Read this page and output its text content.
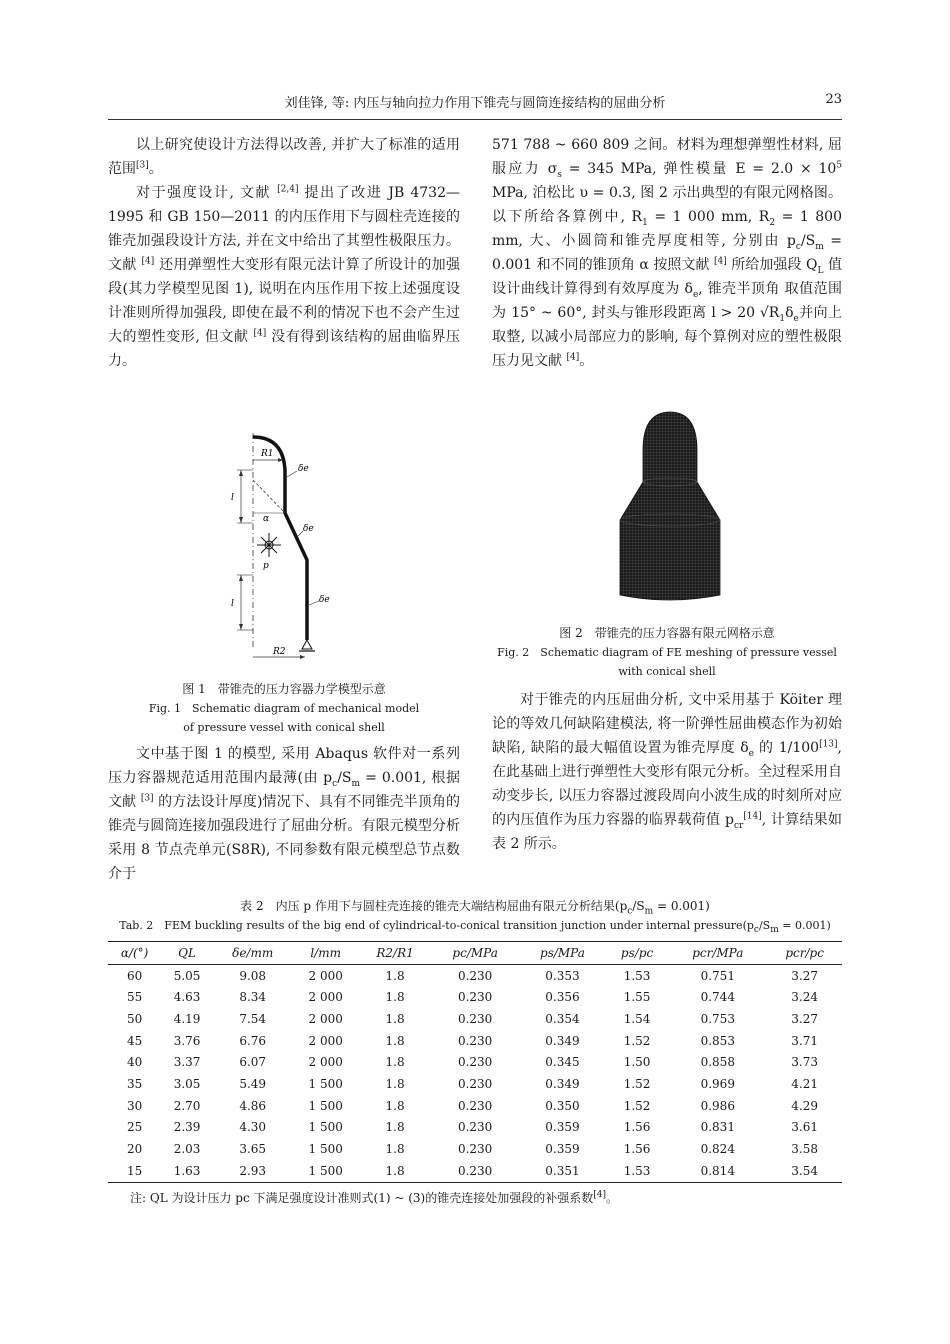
刘佳锋, 等: 内压与轴向拉力作用下锥壳与圆筒连接结构的屈曲分析	23

以上研究使设计方法得以改善, 并扩大了标准的适用范围[3]。

对于强度设计, 文献 [2,4] 提出了改进 JB 4732—1995 和 GB 150—2011 的内压作用下与圆柱壳连接的锥壳加强段设计方法, 并在文中给出了其塑性极限压力。文献 [4] 还用弹塑性大变形有限元法计算了所设计的加强段(其力学模型见图 1), 说明在内压作用下按上述强度设计准则所得加强段, 即使在最不利的情况下也不会产生过大的塑性变形, 但文献 [4] 没有得到该结构的屈曲临界压力。

571 788 ~ 660 809 之间。材料为理想弹塑性材料, 屈服应力 $\sigma_s = 345$ MPa, 弹性模量 $E = 2.0 \times 10^5$ MPa, 泊松比 υ = 0.3, 图 2 示出典型的有限元网格图。以下所给各算例中, $R_1 = 1$ 000 mm, $R_2 = 1$ 800 mm, 大、小圆筒和锥壳厚度相等, 分别由 $p_c/S_m = 0.001$ 和不同的锥顶角 α 按照文献 [4] 所给加强段 $Q_L$ 值设计曲线计算得到有效厚度为 $\delta_e$, 锥壳半顶角 取值范围为 15° ~ 60°, 封头与锥形段距离 l > 20 $√R_1\delta_e$并向上取整, 以减小局部应力的影响, 每个算例对应的塑性极限压力见文献 [4]。

R1
l
α
δe
δe
δe
p
l
R2
图 1　带锥壳的压力容器力学模型示意
Fig. 1　Schematic diagram of mechanical model
of pressure vessel with conical shell
图 2　带锥壳的压力容器有限元网格示意
Fig. 2　Schematic diagram of FE meshing of pressure vessel
with conical shell

文中基于图 1 的模型, 采用 Abaqus 软件对一系列压力容器规范适用范围内最薄(由 $p_c/S_m = 0.001$, 根据文献 [3] 的方法设计厚度)情况下、具有不同锥壳半顶角的锥壳与圆筒连接加强段进行了屈曲分析。有限元模型分析采用 8 节点壳单元(S8R), 不同参数有限元模型总节点数介于

对于锥壳的内压屈曲分析, 文中采用基于 Köiter 理论的等效几何缺陷建模法, 将一阶弹性屈曲模态作为初始缺陷, 缺陷的最大幅值设置为锥壳厚度 $\delta_e$ 的 1/100[13], 在此基础上进行弹塑性大变形有限元分析。全过程采用自动变步长, 以压力容器过渡段周向小波生成的时刻所对应的内压值作为压力容器的临界载荷值 $p_{cr}[14]$, 计算结果如表 2 所示。

表 2　内压 p 作用下与圆柱壳连接的锥壳大端结构屈曲有限元分析结果$(p_c/S_m = 0.001)$
Tab. 2　FEM buckling results of the big end of cylindrical-to-conical transition junction under internal $pressure(p_c/S_m = 0.001)$
α/(°)	QL	δe/mm	l/mm	R2/R1	pc/MPa	ps/MPa	ps/pc	pcr/MPa	pcr/pc
60	5.05	9.08	2 000	1.8	0.230	0.353	1.53	0.751	3.27
55	4.63	8.34	2 000	1.8	0.230	0.356	1.55	0.744	3.24
50	4.19	7.54	2 000	1.8	0.230	0.354	1.54	0.753	3.27
45	3.76	6.76	2 000	1.8	0.230	0.349	1.52	0.853	3.71
40	3.37	6.07	2 000	1.8	0.230	0.345	1.50	0.858	3.73
35	3.05	5.49	1 500	1.8	0.230	0.349	1.52	0.969	4.21
30	2.70	4.86	1 500	1.8	0.230	0.350	1.52	0.986	4.29
25	2.39	4.30	1 500	1.8	0.230	0.359	1.56	0.831	3.61
20	2.03	3.65	1 500	1.8	0.230	0.359	1.56	0.824	3.58
15	1.63	2.93	1 500	1.8	0.230	0.351	1.53	0.814	3.54
注: QL 为设计压力 pc 下满足强度设计准则式(1) ~ (3)的锥壳连接处加强段的补强系数[4]。
